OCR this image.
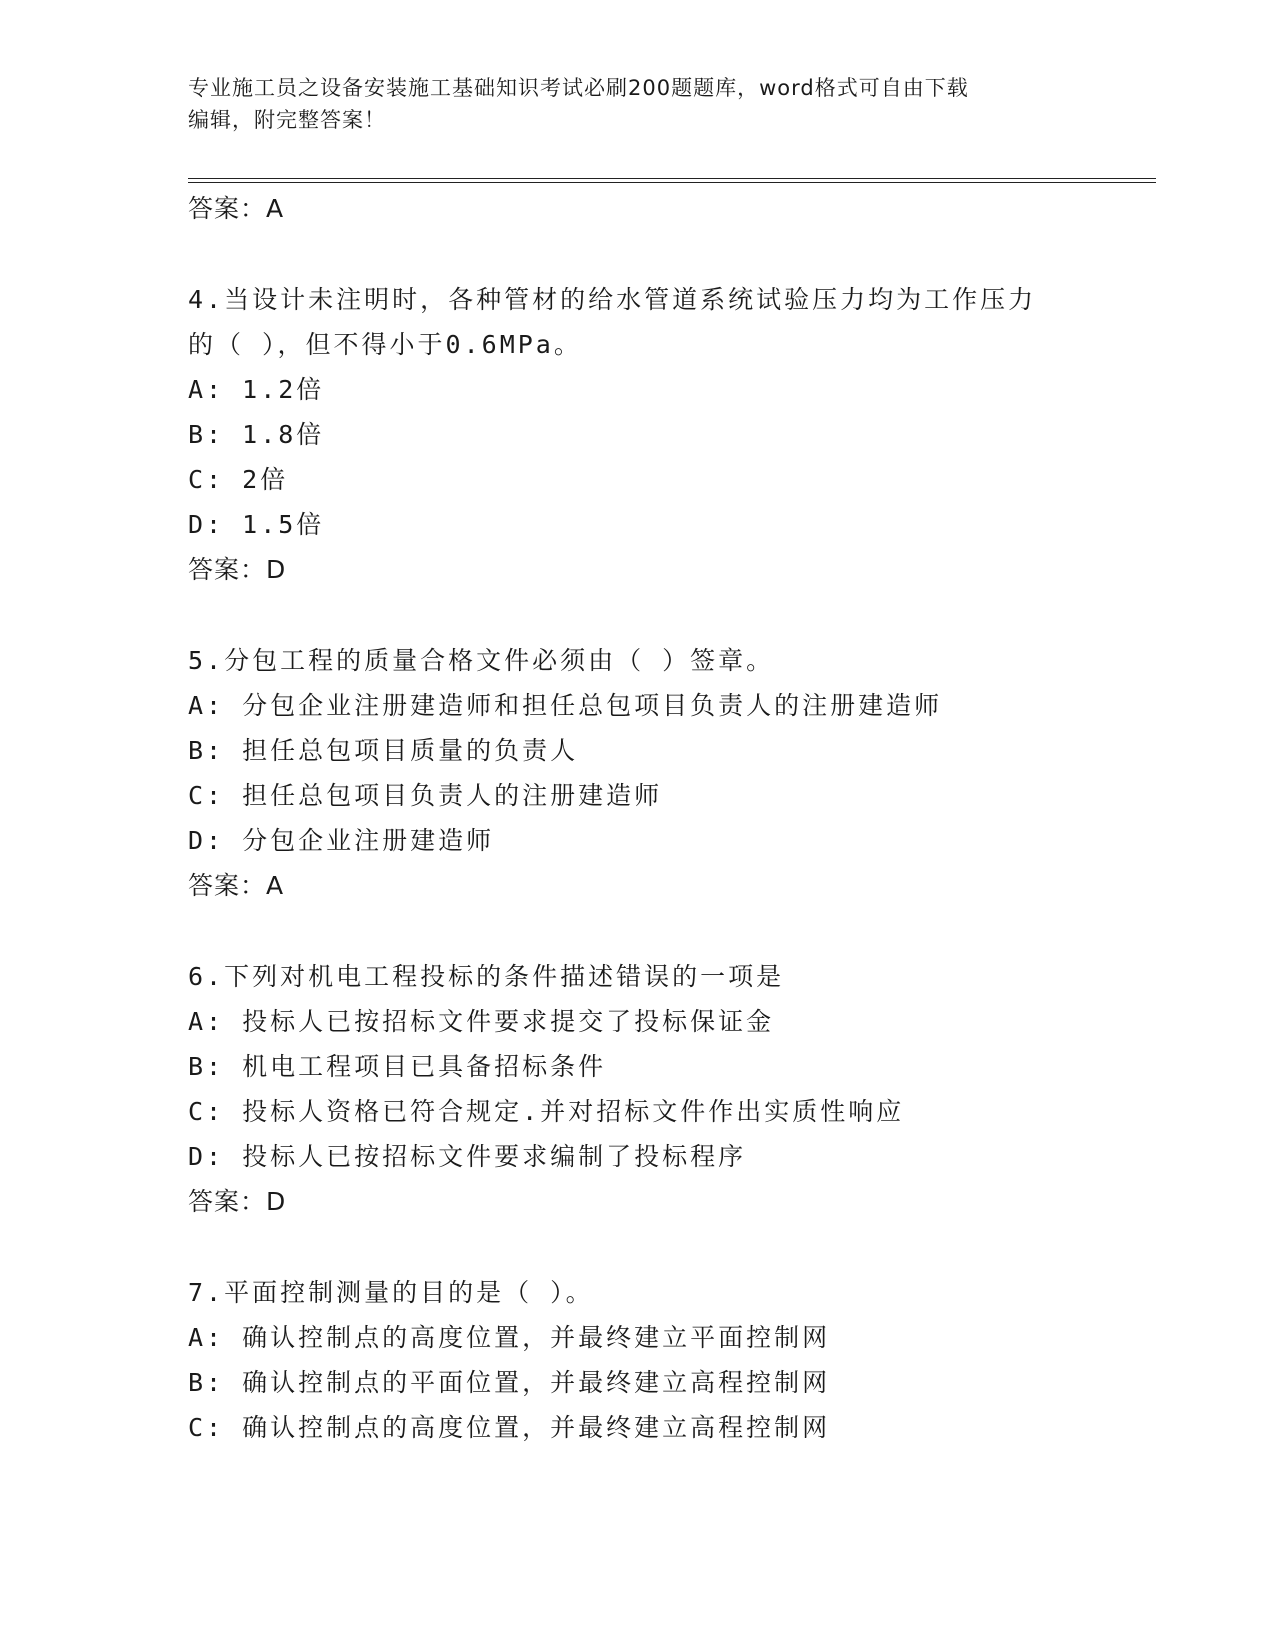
专业施工员之设备安装施工基础知识考试必刷200题题库，word格式可自由下载
编辑，附完整答案！
答案：A
4.当设计未注明时，各种管材的给水管道系统试验压力均为工作压力
的（ ），但不得小于0.6MPa。
A: 1.2倍
B: 1.8倍
C: 2倍
D: 1.5倍
答案：D
5.分包工程的质量合格文件必须由（ ）签章。
A: 分包企业注册建造师和担任总包项目负责人的注册建造师
B: 担任总包项目质量的负责人
C: 担任总包项目负责人的注册建造师
D: 分包企业注册建造师
答案：A
6.下列对机电工程投标的条件描述错误的一项是
A: 投标人已按招标文件要求提交了投标保证金
B: 机电工程项目已具备招标条件
C: 投标人资格已符合规定.并对招标文件作出实质性响应
D: 投标人已按招标文件要求编制了投标程序
答案：D
7.平面控制测量的目的是（ ）。
A: 确认控制点的高度位置，并最终建立平面控制网
B: 确认控制点的平面位置，并最终建立高程控制网
C: 确认控制点的高度位置，并最终建立高程控制网
